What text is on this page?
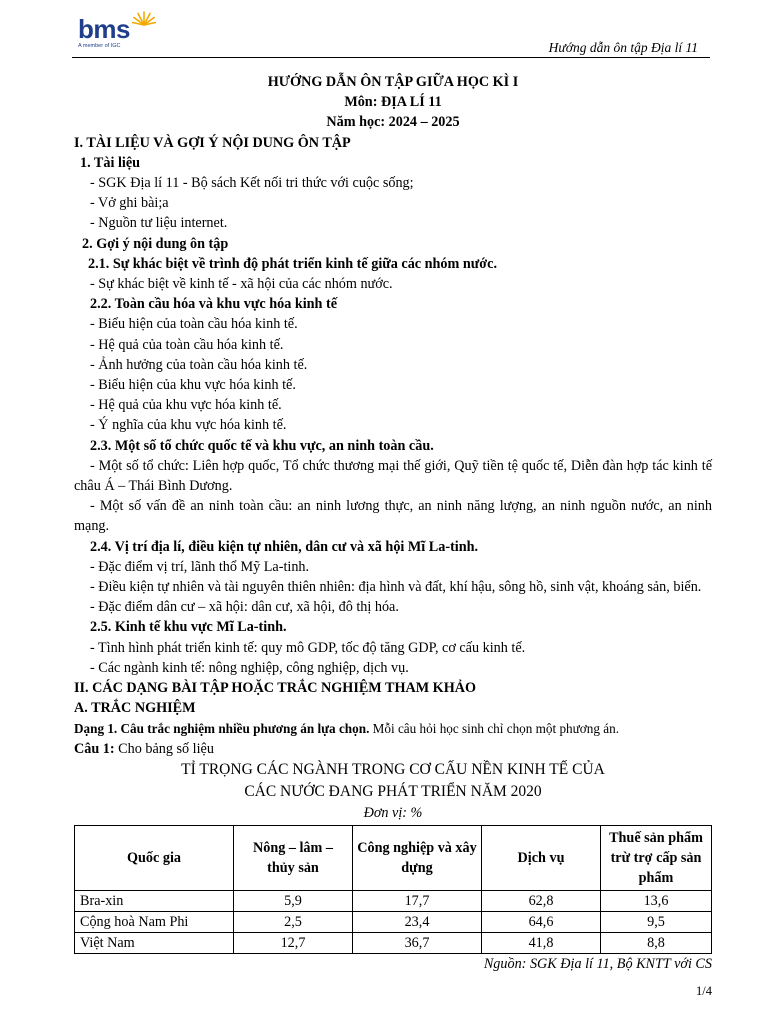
bms
A member of IGC	Hướng dẫn ôn tập Địa lí 11
HƯỚNG DẪN ÔN TẬP GIỮA HỌC KÌ I
Môn: ĐỊA LÍ 11
Năm học: 2024 – 2025
I. TÀI LIỆU VÀ GỢI Ý NỘI DUNG ÔN TẬP
1. Tài liệu
- SGK Địa lí 11 - Bộ sách Kết nối tri thức với cuộc sống;
- Vở ghi bài;a
- Nguồn tư liệu internet.
2. Gợi ý nội dung ôn tập
2.1. Sự khác biệt về trình độ phát triển kinh tế giữa các nhóm nước.
- Sự khác biệt về kinh tế - xã hội của các nhóm nước.
2.2. Toàn cầu hóa và khu vực hóa kinh tế
- Biểu hiện của toàn cầu hóa kinh tế.
- Hệ quả của toàn cầu hóa kinh tế.
- Ảnh hưởng của toàn cầu hóa kinh tế.
- Biểu hiện của khu vực hóa kinh tế.
- Hệ quả của khu vực hóa kinh tế.
- Ý nghĩa của khu vực hóa kinh tế.
2.3. Một số tổ chức quốc tế và khu vực, an ninh toàn cầu.
- Một số tổ chức: Liên hợp quốc, Tổ chức thương mại thế giới, Quỹ tiền tệ quốc tế, Diễn đàn hợp tác kinh tế châu Á – Thái Bình Dương.
- Một số vấn đề an ninh toàn cầu: an ninh lương thực, an ninh năng lượng, an ninh nguồn nước, an ninh mạng.
2.4. Vị trí địa lí, điều kiện tự nhiên, dân cư và xã hội Mĩ La-tinh.
- Đặc điểm vị trí, lãnh thổ Mỹ La-tinh.
- Điều kiện tự nhiên và tài nguyên thiên nhiên: địa hình và đất, khí hậu, sông hồ, sinh vật, khoáng sản, biển.
- Đặc điểm dân cư – xã hội: dân cư, xã hội, đô thị hóa.
2.5. Kinh tế khu vực Mĩ La-tinh.
- Tình hình phát triển kinh tế: quy mô GDP, tốc độ tăng GDP, cơ cấu kinh tế.
- Các ngành kinh tế: nông nghiệp, công nghiệp, dịch vụ.
II. CÁC DẠNG BÀI TẬP HOẶC TRẮC NGHIỆM THAM KHẢO
A. TRẮC NGHIỆM
Dạng 1. Câu trắc nghiệm nhiều phương án lựa chọn. Mỗi câu hỏi học sinh chỉ chọn một phương án.
Câu 1: Cho bảng số liệu
TỈ TRỌNG CÁC NGÀNH TRONG CƠ CẤU NỀN KINH TẾ CỦA
CÁC NƯỚC ĐANG PHÁT TRIỂN NĂM 2020
Đơn vị: %
Quốc gia	Nông – lâm – thủy sản	Công nghiệp và xây dựng	Dịch vụ	Thuế sản phẩm trừ trợ cấp sản phẩm
Bra-xin	5,9	17,7	62,8	13,6
Cộng hoà Nam Phi	2,5	23,4	64,6	9,5
Việt Nam	12,7	36,7	41,8	8,8
Nguồn: SGK Địa lí 11, Bộ KNTT với CS
1/4
